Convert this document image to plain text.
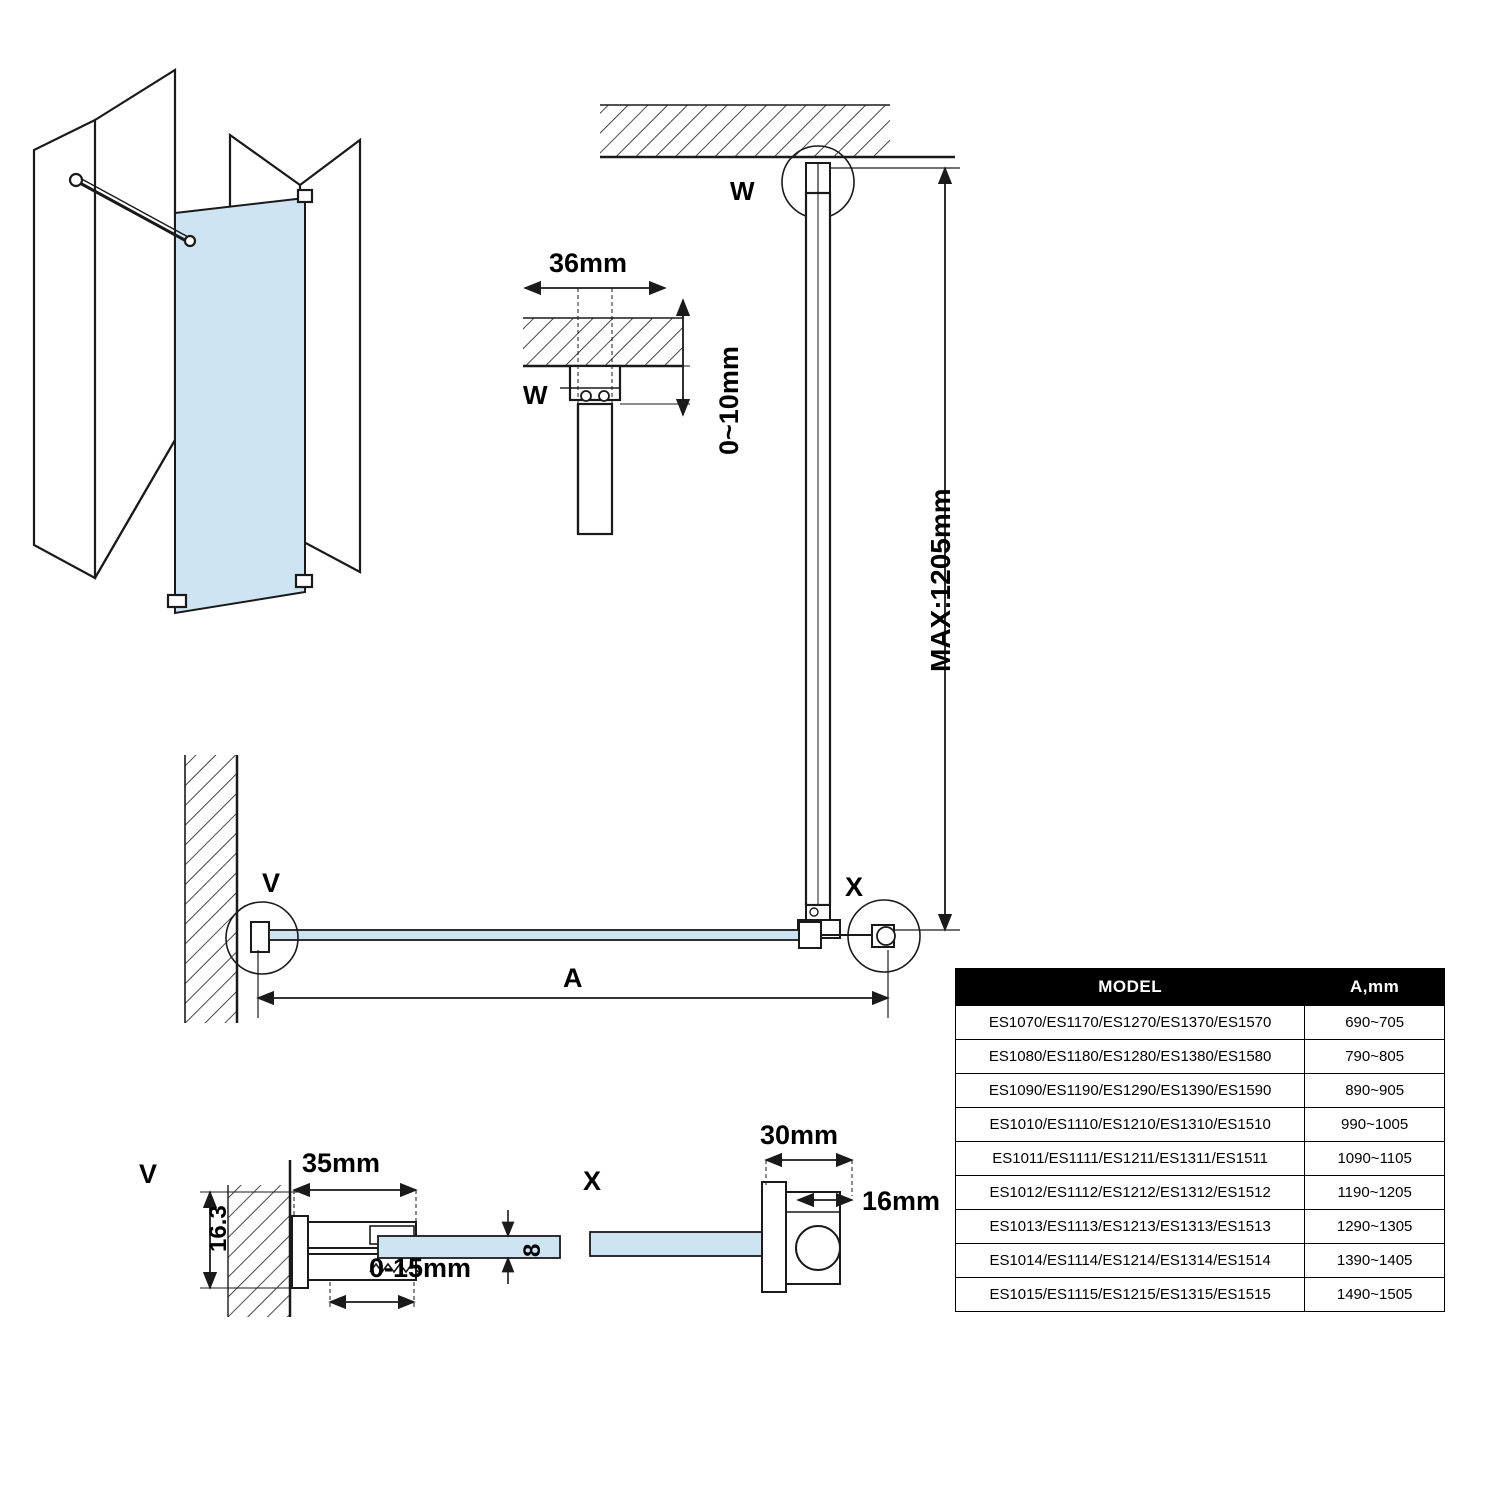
W
W
36mm
0~10mm
MAX:1205mm
V	X
A
V
16.3
35mm
8
0-15mm
X
30mm
16mm
MODEL	A,mm
ES1070/ES1170/ES1270/ES1370/ES1570	690~705
ES1080/ES1180/ES1280/ES1380/ES1580	790~805
ES1090/ES1190/ES1290/ES1390/ES1590	890~905
ES1010/ES1110/ES1210/ES1310/ES1510	990~1005
ES1011/ES1111/ES1211/ES1311/ES1511	1090~1105
ES1012/ES1112/ES1212/ES1312/ES1512	1190~1205
ES1013/ES1113/ES1213/ES1313/ES1513	1290~1305
ES1014/ES1114/ES1214/ES1314/ES1514	1390~1405
ES1015/ES1115/ES1215/ES1315/ES1515	1490~1505
